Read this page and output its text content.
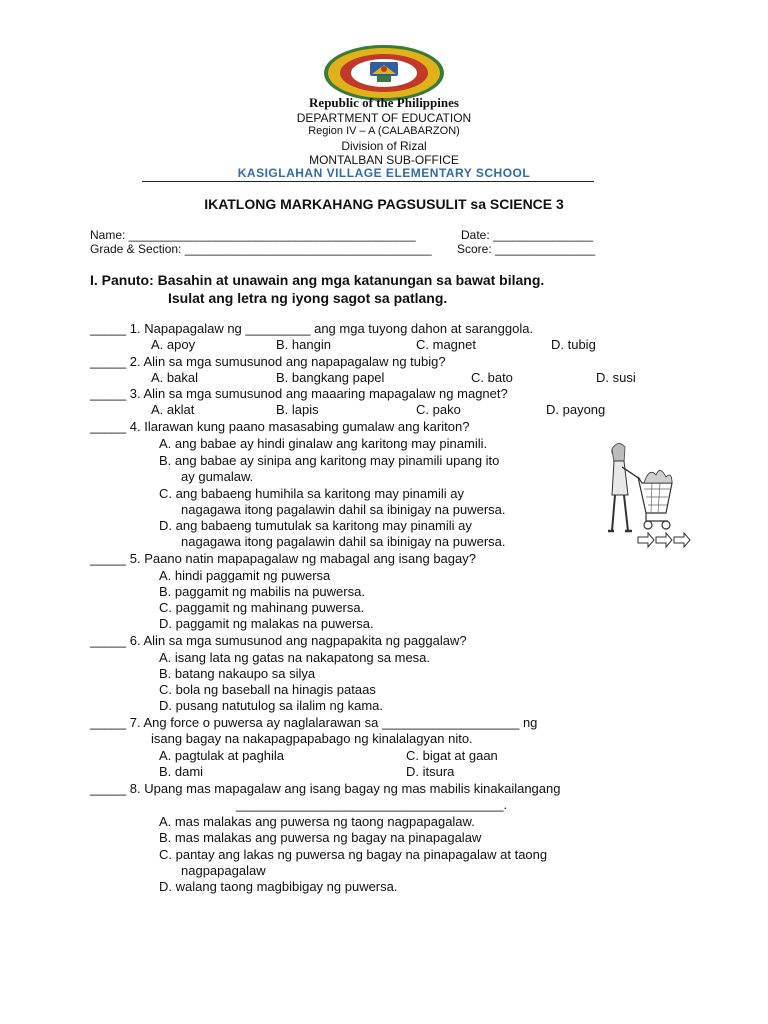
Republic of the Philippines
DEPARTMENT OF EDUCATION
Region IV – A (CALABARZON)
Division of Rizal
MONTALBAN SUB-OFFICE
KASIGLAHAN VILLAGE ELEMENTARY SCHOOL
IKATLONG MARKAHANG PAGSUSULIT sa SCIENCE 3
Name: ___________________________________________	Date: _______________
Grade & Section: _____________________________________ Score: _______________
I. Panuto: Basahin at unawain ang mga katanungan sa bawat bilang.
Isulat ang letra ng iyong sagot sa patlang.
_____ 1. Napapagalaw ng _________ ang mga tuyong dahon at saranggola.
A. apoy	B. hangin	C. magnet	D. tubig
_____ 2. Alin sa mga sumusunod ang napapagalaw ng tubig?
A. bakal	B. bangkang papel	C. bato	D. susi
_____ 3. Alin sa mga sumusunod ang maaaring mapagalaw ng magnet?
A. aklat	B. lapis	C. pako	D. payong
_____ 4. Ilarawan kung paano masasabing gumalaw ang kariton?
A. ang babae ay hindi ginalaw ang karitong may pinamili.
B. ang babae ay sinipa ang karitong may pinamili upang ito
ay gumalaw.
C. ang babaeng humihila sa karitong may pinamili ay
nagagawa itong pagalawin dahil sa ibinigay na puwersa.
D. ang babaeng tumutulak sa karitong may pinamili ay
nagagawa itong pagalawin dahil sa ibinigay na puwersa.
_____ 5. Paano natin mapapagalaw ng mabagal ang isang bagay?
A. hindi paggamit ng puwersa
B. paggamit ng mabilis na puwersa.
C. paggamit ng mahinang puwersa.
D. paggamit ng malakas na puwersa.
_____ 6. Alin sa mga sumusunod ang nagpapakita ng paggalaw?
A. isang lata ng gatas na nakapatong sa mesa.
B. batang nakaupo sa silya
C. bola ng baseball na hinagis pataas
D. pusang natutulog sa ilalim ng kama.
_____ 7. Ang force o puwersa ay naglalarawan sa ___________________ ng
isang bagay na nakapagpapabago ng kinalalagyan nito.
A. pagtulak at paghila	C. bigat at gaan
B. dami	D. itsura
_____ 8. Upang mas mapagalaw ang isang bagay ng mas mabilis kinakailangang
_____________________________________.
A. mas malakas ang puwersa ng taong nagpapagalaw.
B. mas malakas ang puwersa ng bagay na pinapagalaw
C. pantay ang lakas ng puwersa ng bagay na pinapagalaw at taong
nagpapagalaw
D. walang taong magbibigay ng puwersa.
